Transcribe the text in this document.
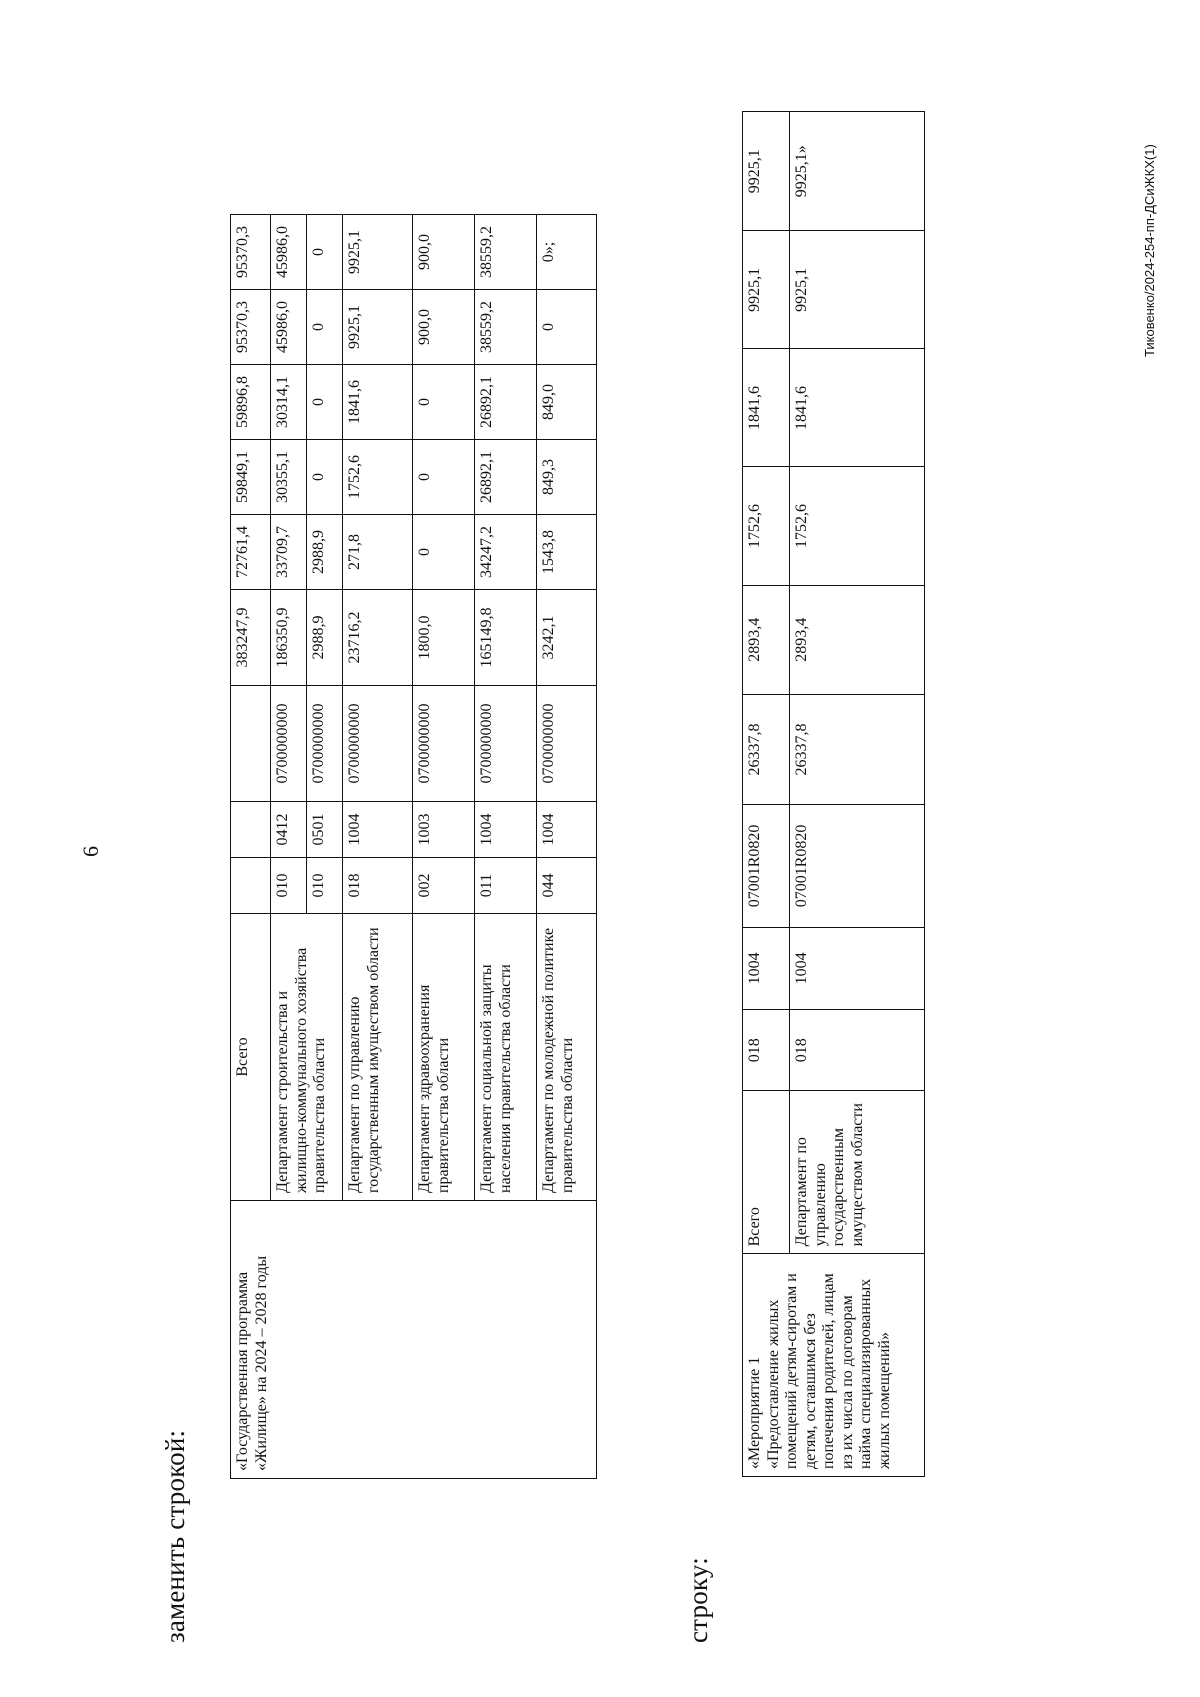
6
заменить строкой:
«Государственная программа «Жилище» на 2024 – 2028 годы	Всего				383247,9	72761,4	59849,1	59896,8	95370,3	95370,3
	Департамент строительства и жилищно-коммунального хозяйства правительства области	010	0412	0700000000	186350,9	33709,7	30355,1	30314,1	45986,0	45986,0
		010	0501	0700000000	2988,9	2988,9	0	0	0	0
	Департамент по управлению государственным имуществом области	018	1004	0700000000	23716,2	271,8	1752,6	1841,6	9925,1	9925,1
	Департамент здравоохранения правительства области	002	1003	0700000000	1800,0	0	0	0	900,0	900,0
	Департамент социальной защиты населения правительства области	011	1004	0700000000	165149,8	34247,2	26892,1	26892,1	38559,2	38559,2
	Департамент по молодежной политике правительства области	044	1004	0700000000	3242,1	1543,8	849,3	849,0	0	0»;
строку:
«Мероприятие 1 «Предоставление жилых помещений детям-сиротам и детям, оставшимся без попечения родителей, лицам из их числа по договорам найма специализированных жилых помещений»	Всего	018	1004	07001R0820	26337,8	2893,4	1752,6	1841,6	9925,1	9925,1
	Департамент по управлению государственным имуществом области	018	1004	07001R0820	26337,8	2893,4	1752,6	1841,6	9925,1	9925,1»	Тиковенко/2024-254-пп-ДСиЖКХ(1)
